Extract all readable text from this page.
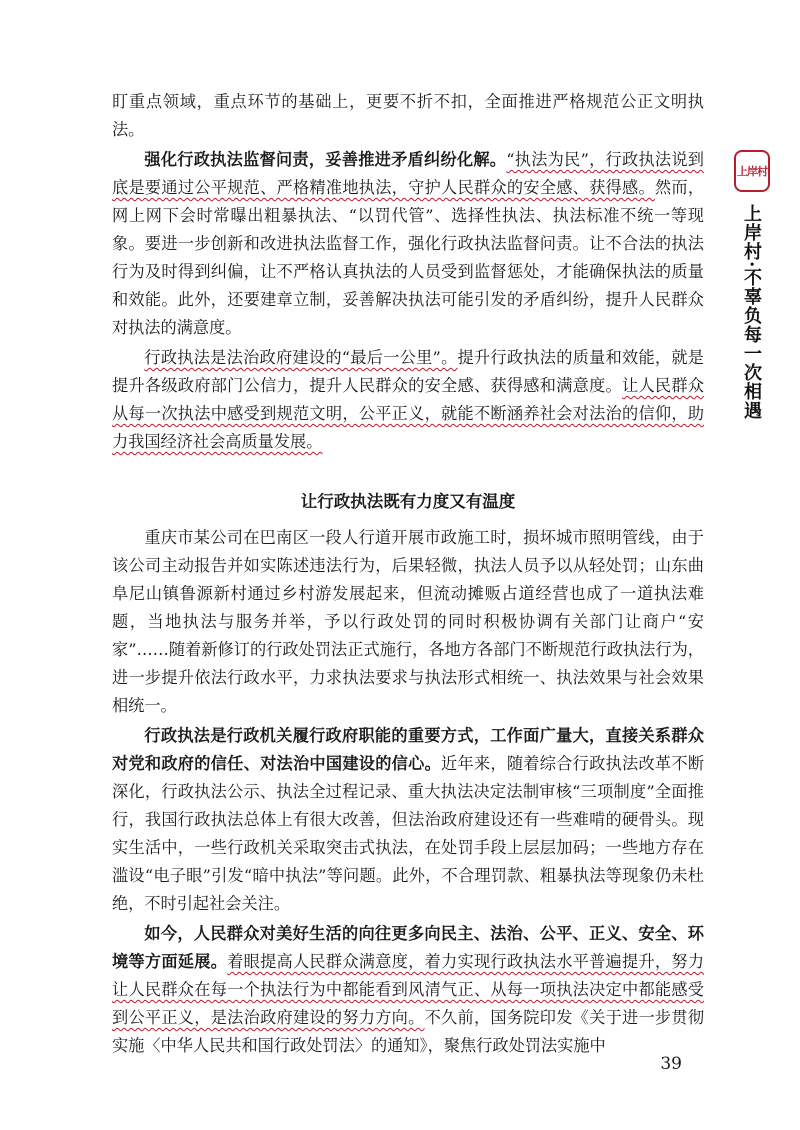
盯重点领域，重点环节的基础上，更要不折不扣，全面推进严格规范公正文明执法。

强化行政执法监督问责，妥善推进矛盾纠纷化解。“执法为民”，行政执法说到底是要通过公平规范、严格精准地执法，守护人民群众的安全感、获得感。然而，网上网下会时常曝出粗暴执法、“以罚代管”、选择性执法、执法标准不统一等现象。要进一步创新和改进执法监督工作，强化行政执法监督问责。让不合法的执法行为及时得到纠偏，让不严格认真执法的人员受到监督惩处，才能确保执法的质量和效能。此外，还要建章立制，妥善解决执法可能引发的矛盾纠纷，提升人民群众对执法的满意度。

行政执法是法治政府建设的“最后一公里”。提升行政执法的质量和效能，就是提升各级政府部门公信力，提升人民群众的安全感、获得感和满意度。让人民群众从每一次执法中感受到规范文明，公平正义，就能不断涵养社会对法治的信仰，助力我国经济社会高质量发展。

让行政执法既有力度又有温度

重庆市某公司在巴南区一段人行道开展市政施工时，损坏城市照明管线，由于该公司主动报告并如实陈述违法行为，后果轻微，执法人员予以从轻处罚；山东曲阜尼山镇鲁源新村通过乡村游发展起来，但流动摊贩占道经营也成了一道执法难题，当地执法与服务并举，予以行政处罚的同时积极协调有关部门让商户“安家”……随着新修订的行政处罚法正式施行，各地方各部门不断规范行政执法行为，进一步提升依法行政水平，力求执法要求与执法形式相统一、执法效果与社会效果相统一。

行政执法是行政机关履行政府职能的重要方式，工作面广量大，直接关系群众对党和政府的信任、对法治中国建设的信心。近年来，随着综合行政执法改革不断深化，行政执法公示、执法全过程记录、重大执法决定法制审核“三项制度”全面推行，我国行政执法总体上有很大改善，但法治政府建设还有一些难啃的硬骨头。现实生活中，一些行政机关采取突击式执法，在处罚手段上层层加码；一些地方存在滥设“电子眼”引发“暗中执法”等问题。此外，不合理罚款、粗暴执法等现象仍未杜绝，不时引起社会关注。

如今，人民群众对美好生活的向往更多向民主、法治、公平、正义、安全、环境等方面延展。着眼提高人民群众满意度，着力实现行政执法水平普遍提升，努力让人民群众在每一个执法行为中都能看到风清气正、从每一项执法决定中都能感受到公平正义，是法治政府建设的努力方向。不久前，国务院印发《关于进一步贯彻实施〈中华人民共和国行政处罚法〉的通知》，聚焦行政处罚法实施中

上岸村
上岸村·不辜负每一次相遇
39
